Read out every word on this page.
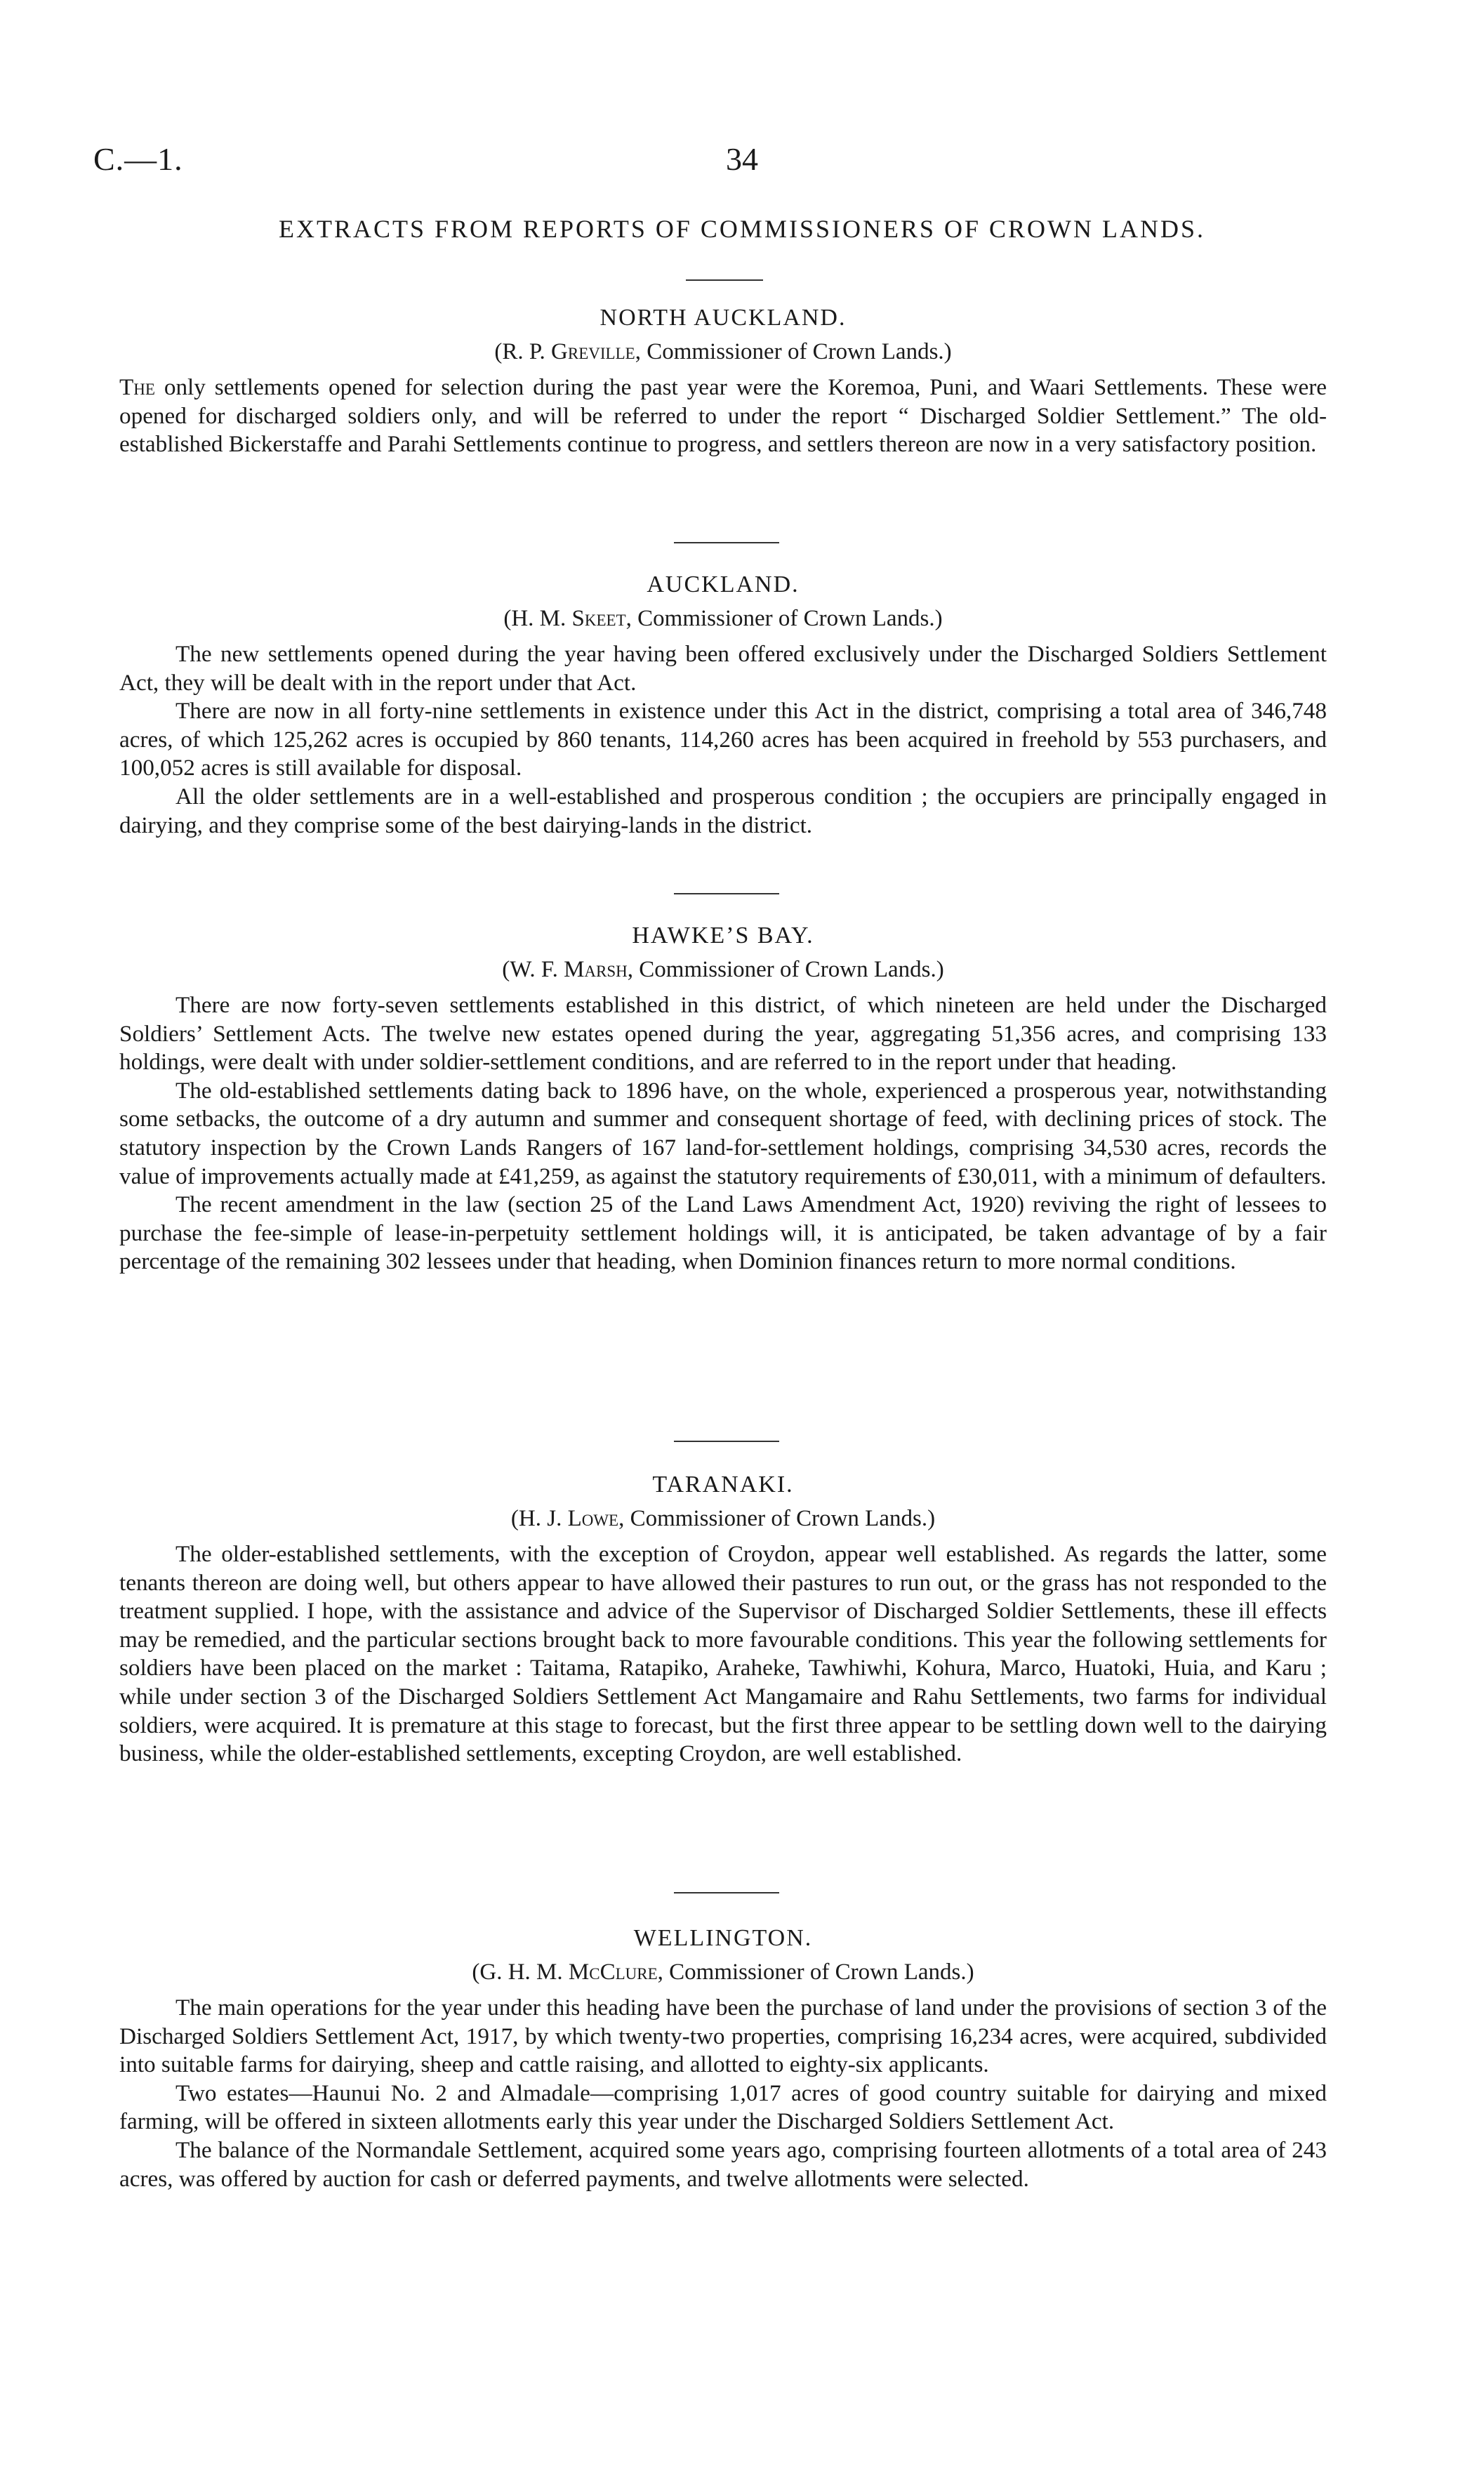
C.—1.	34
EXTRACTS FROM REPORTS OF COMMISSIONERS OF CROWN LANDS.
NORTH AUCKLAND.
(R. P. Greville, Commissioner of Crown Lands.)

The only settlements opened for selection during the past year were the Koremoa, Puni, and Waari Settlements. These were opened for discharged soldiers only, and will be referred to under the report “ Discharged Soldier Settlement.” The old-established Bickerstaffe and Parahi Settlements continue to progress, and settlers thereon are now in a very satisfactory position.

AUCKLAND.
(H. M. Skeet, Commissioner of Crown Lands.)

The new settlements opened during the year having been offered exclusively under the Discharged Soldiers Settlement Act, they will be dealt with in the report under that Act.

There are now in all forty-nine settlements in existence under this Act in the district, comprising a total area of 346,748 acres, of which 125,262 acres is occupied by 860 tenants, 114,260 acres has been acquired in freehold by 553 purchasers, and 100,052 acres is still available for disposal.

All the older settlements are in a well-established and prosperous condition ; the occupiers are principally engaged in dairying, and they comprise some of the best dairying-lands in the district.

HAWKE’S BAY.
(W. F. Marsh, Commissioner of Crown Lands.)

There are now forty-seven settlements established in this district, of which nineteen are held under the Discharged Soldiers’ Settlement Acts. The twelve new estates opened during the year, aggregating 51,356 acres, and comprising 133 holdings, were dealt with under soldier-settlement conditions, and are referred to in the report under that heading.

The old-established settlements dating back to 1896 have, on the whole, experienced a prosperous year, notwithstanding some setbacks, the outcome of a dry autumn and summer and consequent shortage of feed, with declining prices of stock. The statutory inspection by the Crown Lands Rangers of 167 land-for-settlement holdings, comprising 34,530 acres, records the value of improvements actually made at £41,259, as against the statutory requirements of £30,011, with a minimum of defaulters.

The recent amendment in the law (section 25 of the Land Laws Amendment Act, 1920) reviving the right of lessees to purchase the fee-simple of lease-in-perpetuity settlement holdings will, it is anticipated, be taken advantage of by a fair percentage of the remaining 302 lessees under that heading, when Dominion finances return to more normal conditions.

TARANAKI.
(H. J. Lowe, Commissioner of Crown Lands.)

The older-established settlements, with the exception of Croydon, appear well established. As regards the latter, some tenants thereon are doing well, but others appear to have allowed their pastures to run out, or the grass has not responded to the treatment supplied. I hope, with the assistance and advice of the Supervisor of Discharged Soldier Settlements, these ill effects may be remedied, and the particular sections brought back to more favourable conditions. This year the following settlements for soldiers have been placed on the market : Taitama, Ratapiko, Araheke, Tawhiwhi, Kohura, Marco, Huatoki, Huia, and Karu ; while under section 3 of the Discharged Soldiers Settlement Act Mangamaire and Rahu Settlements, two farms for individual soldiers, were acquired. It is premature at this stage to forecast, but the first three appear to be settling down well to the dairying business, while the older-established settlements, excepting Croydon, are well established.

WELLINGTON.
(G. H. M. McClure, Commissioner of Crown Lands.)

The main operations for the year under this heading have been the purchase of land under the provisions of section 3 of the Discharged Soldiers Settlement Act, 1917, by which twenty-two properties, comprising 16,234 acres, were acquired, subdivided into suitable farms for dairying, sheep and cattle raising, and allotted to eighty-six applicants.

Two estates—Haunui No. 2 and Almadale—comprising 1,017 acres of good country suitable for dairying and mixed farming, will be offered in sixteen allotments early this year under the Discharged Soldiers Settlement Act.

The balance of the Normandale Settlement, acquired some years ago, comprising fourteen allotments of a total area of 243 acres, was offered by auction for cash or deferred payments, and twelve allotments were selected.
